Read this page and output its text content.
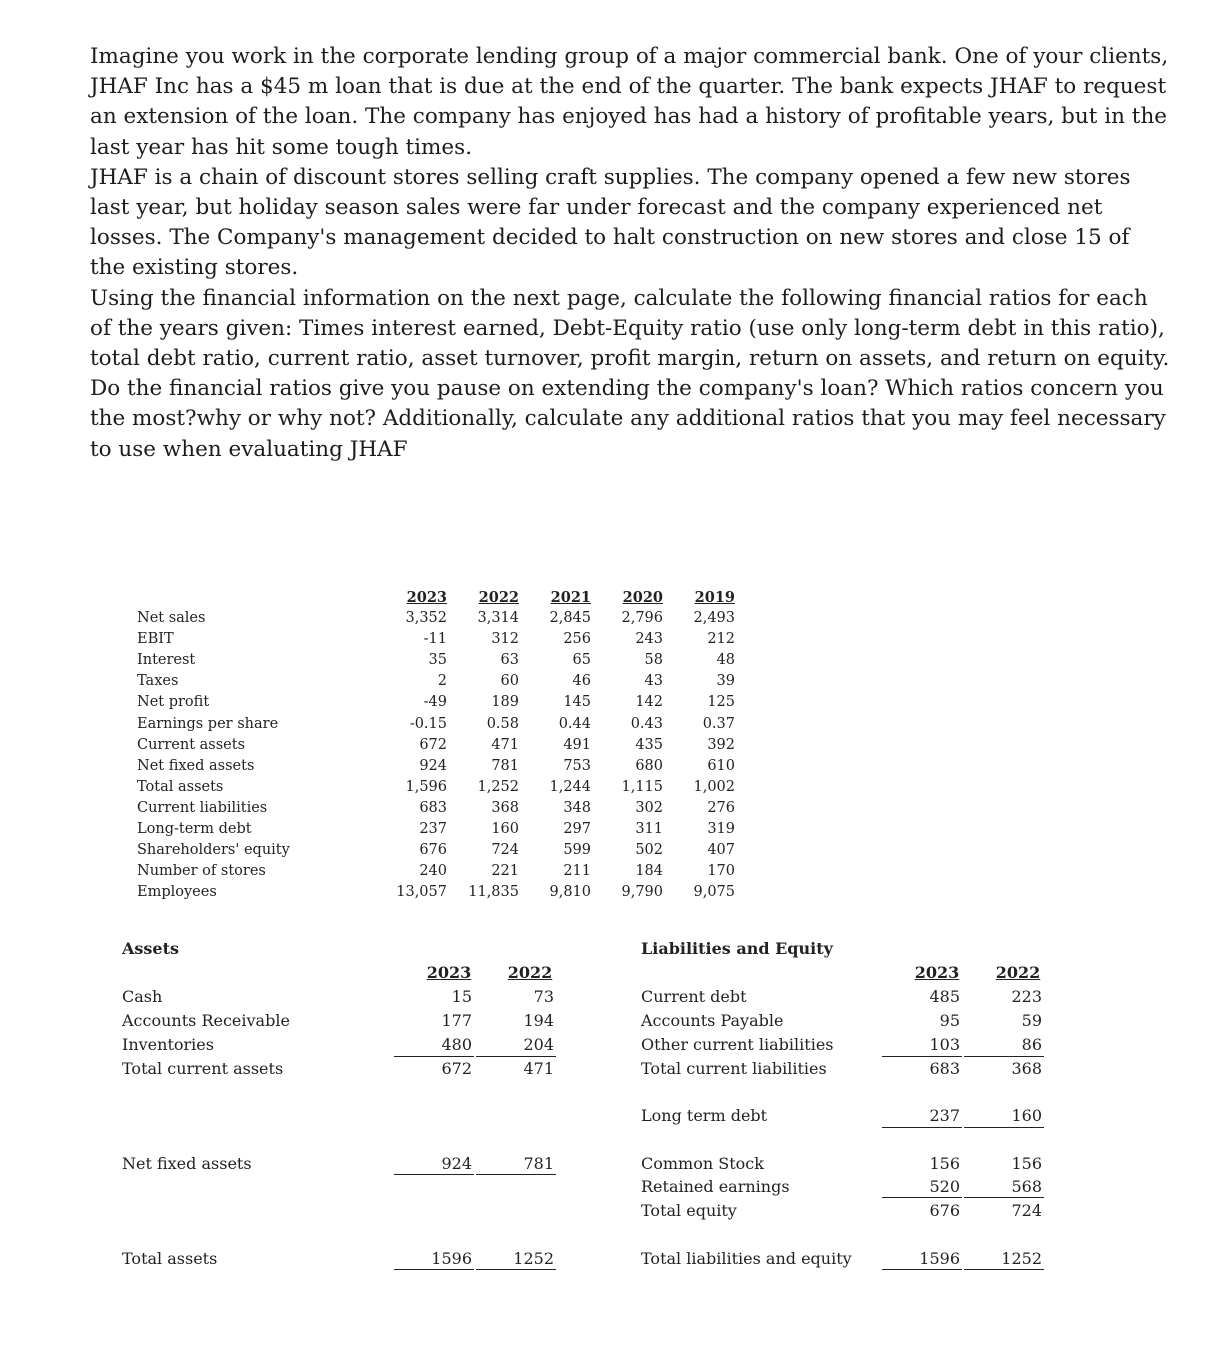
Imagine you work in the corporate lending group of a major commercial bank. One of your clients, JHAF Inc has a $45 m loan that is due at the end of the quarter. The bank expects JHAF to request an extension of the loan. The company has enjoyed has had a history of profitable years, but in the last year has hit some tough times.

JHAF is a chain of discount stores selling craft supplies. The company opened a few new stores last year, but holiday season sales were far under forecast and the company experienced net losses. The Company's management decided to halt construction on new stores and close 15 of the existing stores.

Using the financial information on the next page, calculate the following financial ratios for each of the years given: Times interest earned, Debt-Equity ratio (use only long-term debt in this ratio), total debt ratio, current ratio, asset turnover, profit margin, return on assets, and return on equity. Do the financial ratios give you pause on extending the company's loan? Which ratios concern you the most?why or why not? Additionally, calculate any additional ratios that you may feel necessary to use when evaluating JHAF

2023	2022	2021	2020	2019
Net sales	3,352	3,314	2,845	2,796	2,493
EBIT	-11	312	256	243	212
Interest	35	63	65	58	48
Taxes	2	60	46	43	39
Net profit	-49	189	145	142	125
Earnings per share	-0.15	0.58	0.44	0.43	0.37
Current assets	672	471	491	435	392
Net fixed assets	924	781	753	680	610
Total assets	1,596	1,252	1,244	1,115	1,002
Current liabilities	683	368	348	302	276
Long-term debt	237	160	297	311	319
Shareholders' equity	676	724	599	502	407
Number of stores	240	221	211	184	170
Employees	13,057	11,835	9,810	9,790	9,075
Assets	Liabilities and Equity
2023	2022	2023	2022
Cash	15	73
Accounts Receivable	177	194
Inventories	480	204
Total current assets	672	471
Net fixed assets	924	781
Total assets	1596	1252
Current debt	485	223
Accounts Payable	95	59
Other current liabilities	103	86
Total current liabilities	683	368
Long term debt	237	160
Common Stock	156	156
Retained earnings	520	568
Total equity	676	724
Total liabilities and equity	1596	1252
